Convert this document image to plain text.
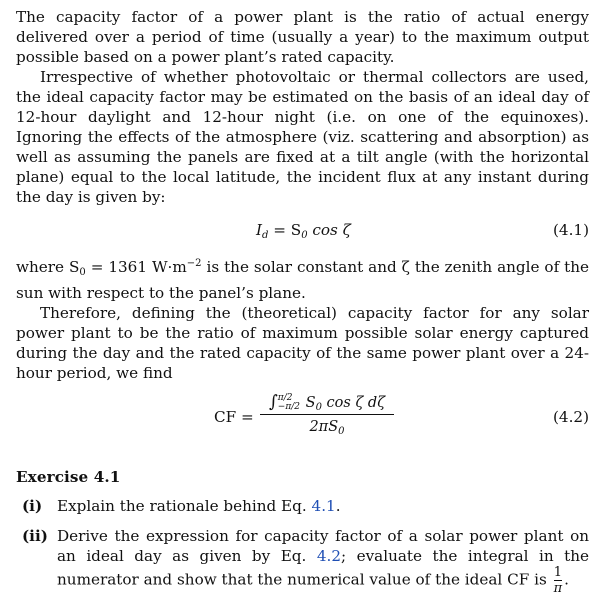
The capacity factor of a power plant is the ratio of actual energy delivered over a period of time (usually a year) to the maximum output possible based on a power plant’s rated capacity.

Irrespective of whether photovoltaic or thermal collectors are used, the ideal capacity factor may be estimated on the basis of an ideal day of 12-hour daylight and 12-hour night (i.e. on one of the equinoxes). Ignoring the effects of the atmosphere (viz. scattering and absorption) as well as assuming the panels are fixed at a tilt angle (with the horizontal plane) equal to the local latitude, the incident flux at any instant during the day is given by:

$I_d = S_0$ cos ζ	(4.1)

where $S_0 = 1361$ $W\cdot m^{-2}$ is the solar constant and ζ the zenith angle of the sun with respect to the panel’s plane.

Therefore, defining the (theoretical) capacity factor for any solar power plant to be the ratio of maximum possible solar energy captured during the day and the rated capacity of the same power plant over a 24-hour period, we find

CF =
∫ π/2
−π/2 $S_0$ cos ζ dζ
$2\pi S_0$
(4.2)
Exercise 4.1
(i) Explain the rationale behind Eq. 4.1.
(ii) Derive the expression for capacity factor of a solar power plant on an ideal day as given by Eq. 4.2; evaluate the integral in the numerator and show that the numerical value of the ideal CF is $\frac{1}{\pi}$ .
